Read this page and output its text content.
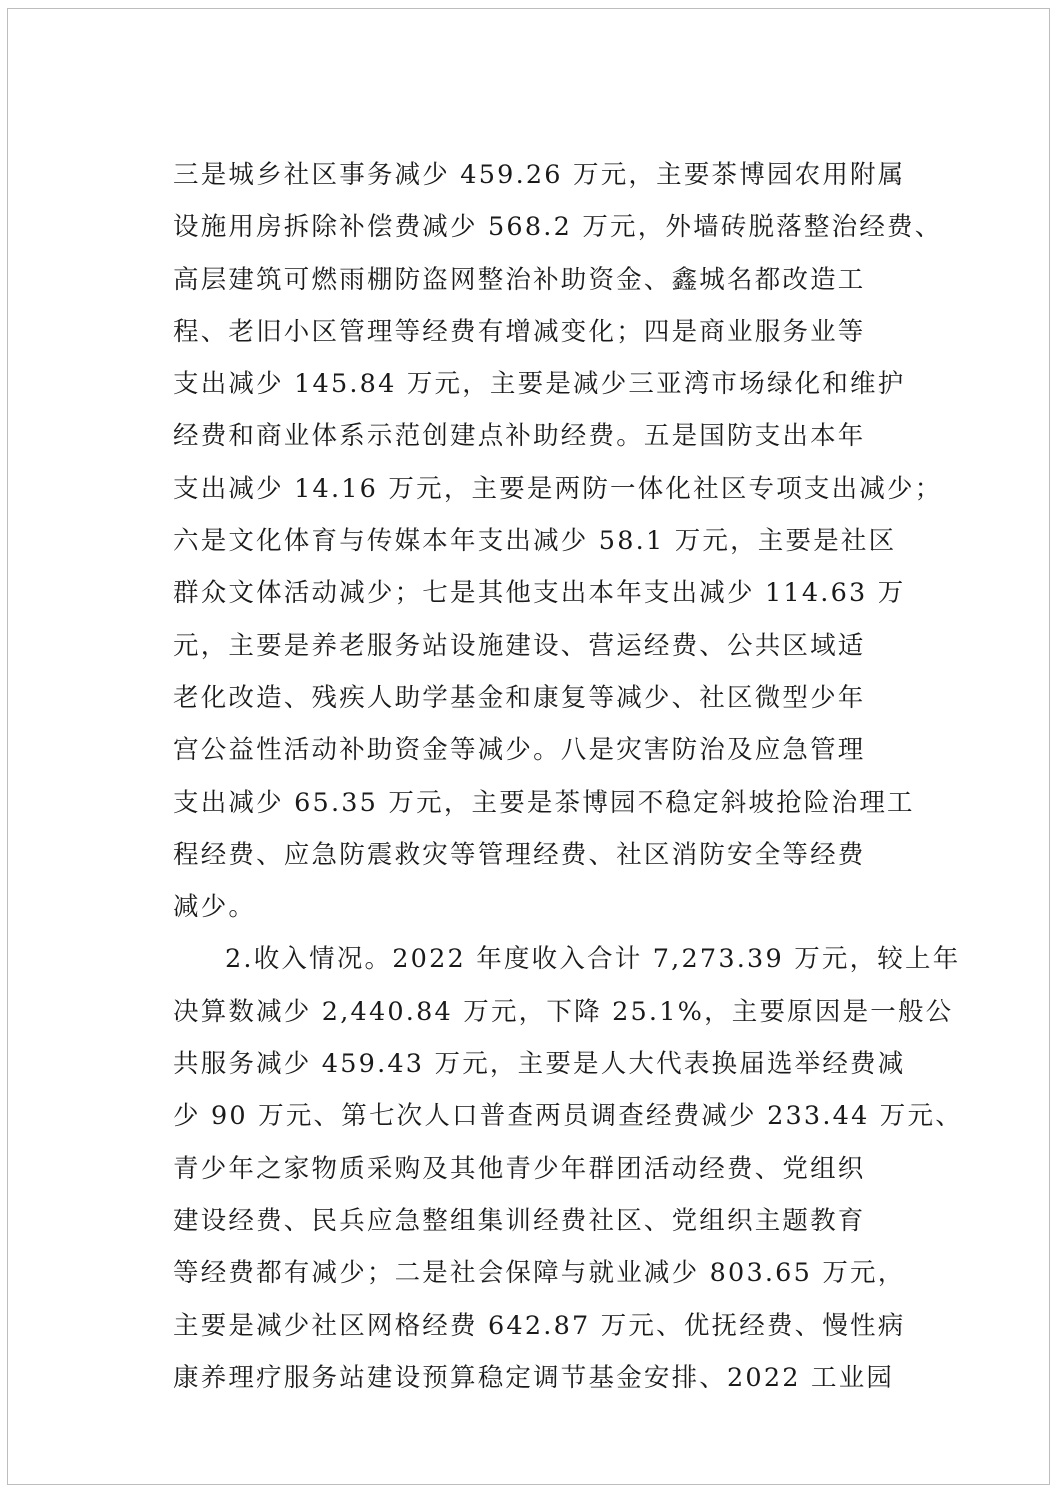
三是城乡社区事务减少 459.26 万元，主要茶博园农用附属
设施用房拆除补偿费减少 568.2 万元，外墙砖脱落整治经费、
高层建筑可燃雨棚防盗网整治补助资金、鑫城名都改造工
程、老旧小区管理等经费有增减变化；四是商业服务业等
支出减少 145.84 万元，主要是减少三亚湾市场绿化和维护
经费和商业体系示范创建点补助经费。五是国防支出本年
支出减少 14.16 万元，主要是两防一体化社区专项支出减少；
六是文化体育与传媒本年支出减少 58.1 万元，主要是社区
群众文体活动减少；七是其他支出本年支出减少 114.63 万
元，主要是养老服务站设施建设、营运经费、公共区域适
老化改造、残疾人助学基金和康复等减少、社区微型少年
宫公益性活动补助资金等减少。八是灾害防治及应急管理
支出减少 65.35 万元，主要是茶博园不稳定斜坡抢险治理工
程经费、应急防震救灾等管理经费、社区消防安全等经费
减少。
2.收入情况。2022 年度收入合计 7,273.39 万元，较上年
决算数减少 2,440.84 万元，下降 25.1%，主要原因是一般公
共服务减少 459.43 万元，主要是人大代表换届选举经费减
少 90 万元、第七次人口普查两员调查经费减少 233.44 万元、
青少年之家物质采购及其他青少年群团活动经费、党组织
建设经费、民兵应急整组集训经费社区、党组织主题教育
等经费都有减少；二是社会保障与就业减少 803.65 万元，
主要是减少社区网格经费 642.87 万元、优抚经费、慢性病
康养理疗服务站建设预算稳定调节基金安排、2022 工业园
